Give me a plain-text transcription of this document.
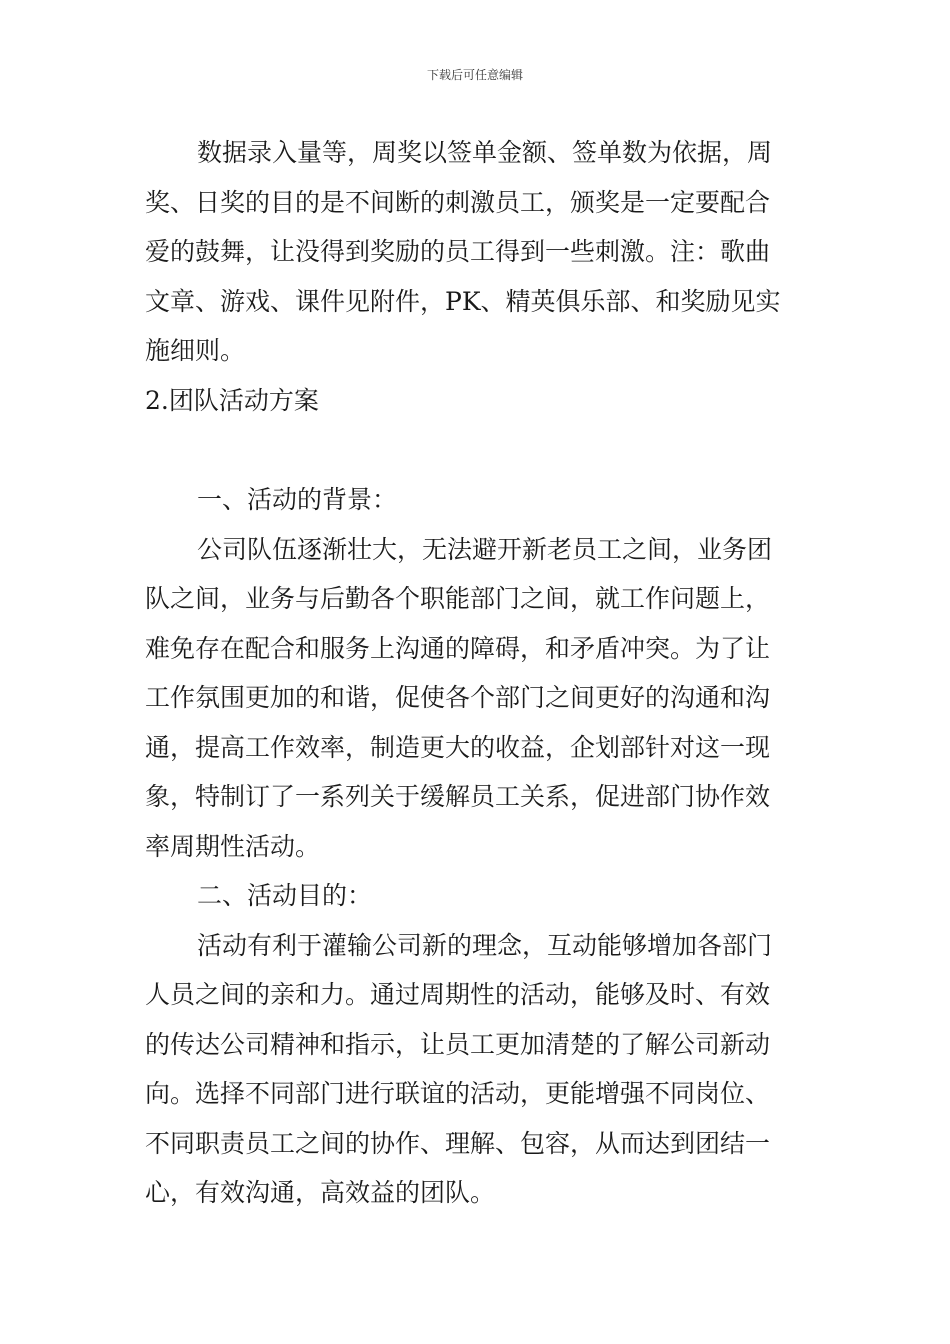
下载后可任意编辑
数据录入量等，周奖以签单金额、签单数为依据，周
奖、日奖的目的是不间断的刺激员工，颁奖是一定要配合
爱的鼓舞，让没得到奖励的员工得到一些刺激。注：歌曲
文章、游戏、课件见附件，PK、精英俱乐部、和奖励见实
施细则。
2.团队活动方案
一、活动的背景：
公司队伍逐渐壮大，无法避开新老员工之间，业务团
队之间，业务与后勤各个职能部门之间，就工作问题上，
难免存在配合和服务上沟通的障碍，和矛盾冲突。为了让
工作氛围更加的和谐，促使各个部门之间更好的沟通和沟
通，提高工作效率，制造更大的收益，企划部针对这一现
象，特制订了一系列关于缓解员工关系，促进部门协作效
率周期性活动。
二、活动目的：
活动有利于灌输公司新的理念，互动能够增加各部门
人员之间的亲和力。通过周期性的活动，能够及时、有效
的传达公司精神和指示，让员工更加清楚的了解公司新动
向。选择不同部门进行联谊的活动，更能增强不同岗位、
不同职责员工之间的协作、理解、包容，从而达到团结一
心，有效沟通，高效益的团队。
